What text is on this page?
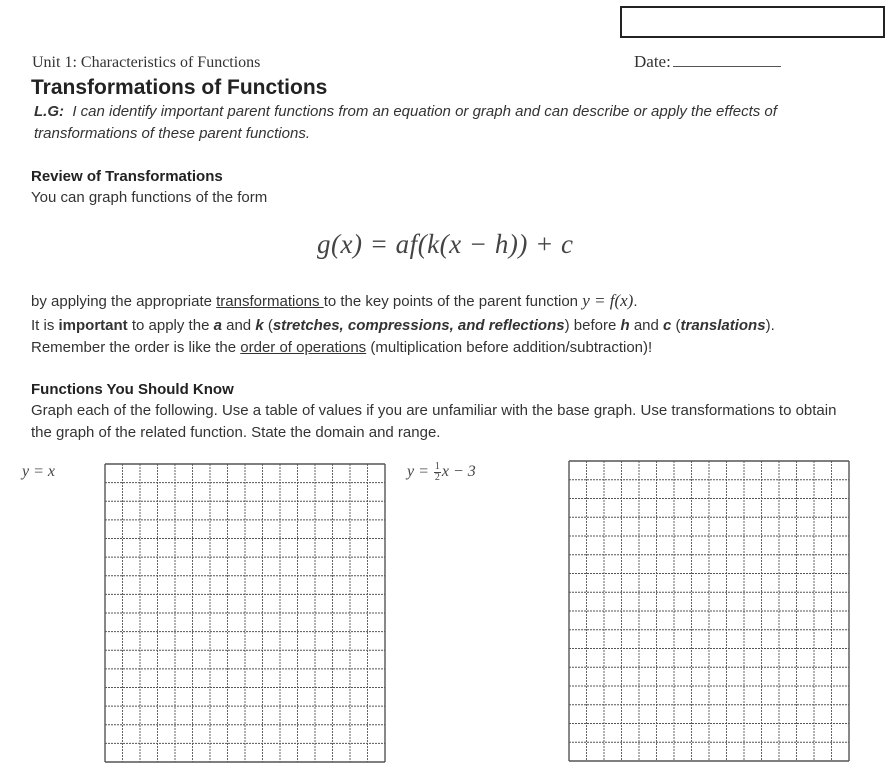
Unit 1: Characteristics of Functions	Date:
Transformations of Functions
L.G: I can identify important parent functions from an equation or graph and can describe or apply the effects of transformations of these parent functions.
Review of Transformations
You can graph functions of the form
g(x) = af(k(x − h)) + c
by applying the appropriate transformations to the key points of the parent function y = f(x).
It is important to apply the a and k (stretches, compressions, and reflections) before h and c (translations).
Remember the order is like the order of operations (multiplication before addition/subtraction)!
Functions You Should Know
Graph each of the following. Use a table of values if you are unfamiliar with the base graph. Use transformations to obtain
the graph of the related function. State the domain and range.
y = x	$y = \frac{1}{2}$ x − 3
